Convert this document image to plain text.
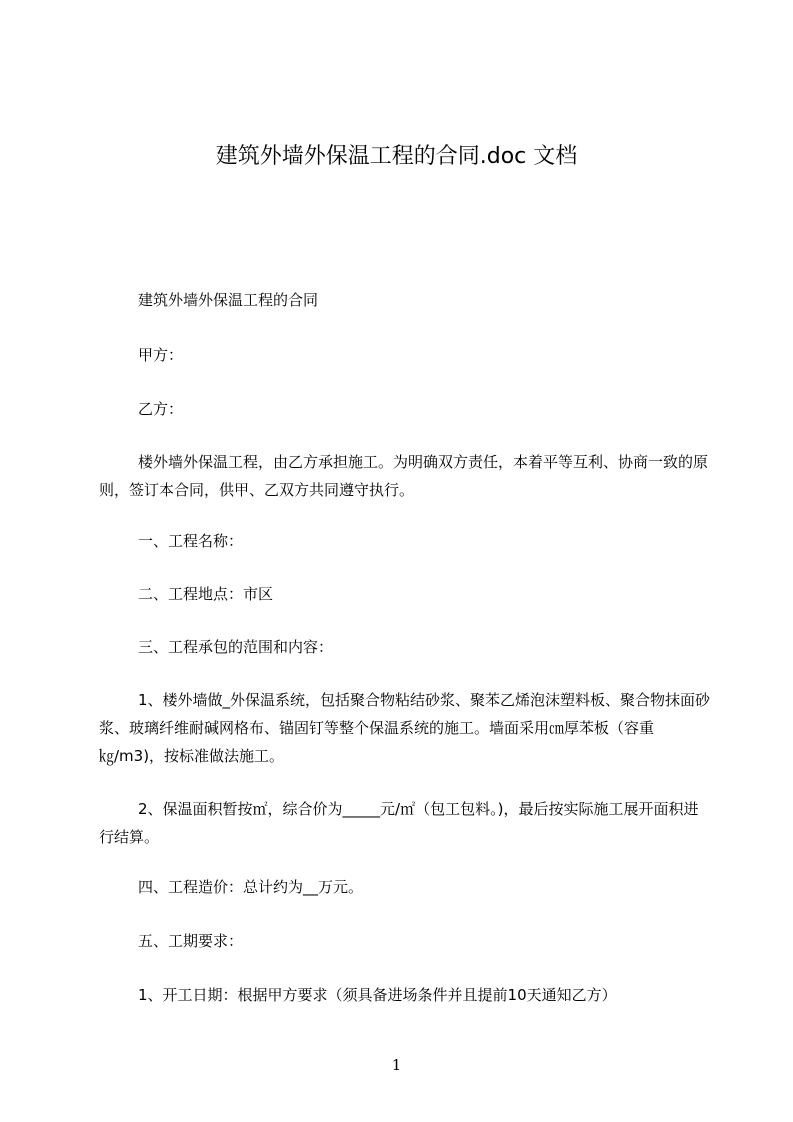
建筑外墙外保温工程的合同.doc 文档

建筑外墙外保温工程的合同

甲方：

乙方：

楼外墙外保温工程，由乙方承担施工。为明确双方责任，本着平等互利、协商一致的原则，签订本合同，供甲、乙双方共同遵守执行。

一、工程名称：

二、工程地点：市区

三、工程承包的范围和内容：

1、楼外墙做_外保温系统，包括聚合物粘结砂浆、聚苯乙烯泡沫塑料板、聚合物抹面砂浆、玻璃纤维耐碱网格布、锚固钉等整个保温系统的施工。墙面采用㎝厚苯板（容重㎏/m3)，按标准做法施工。

2、保温面积暂按㎡，综合价为_____元/㎡（包工包料。)，最后按实际施工展开面积进行结算。

四、工程造价：总计约为__万元。

五、工期要求：

1、开工日期：根据甲方要求（须具备进场条件并且提前10天通知乙方）

1
